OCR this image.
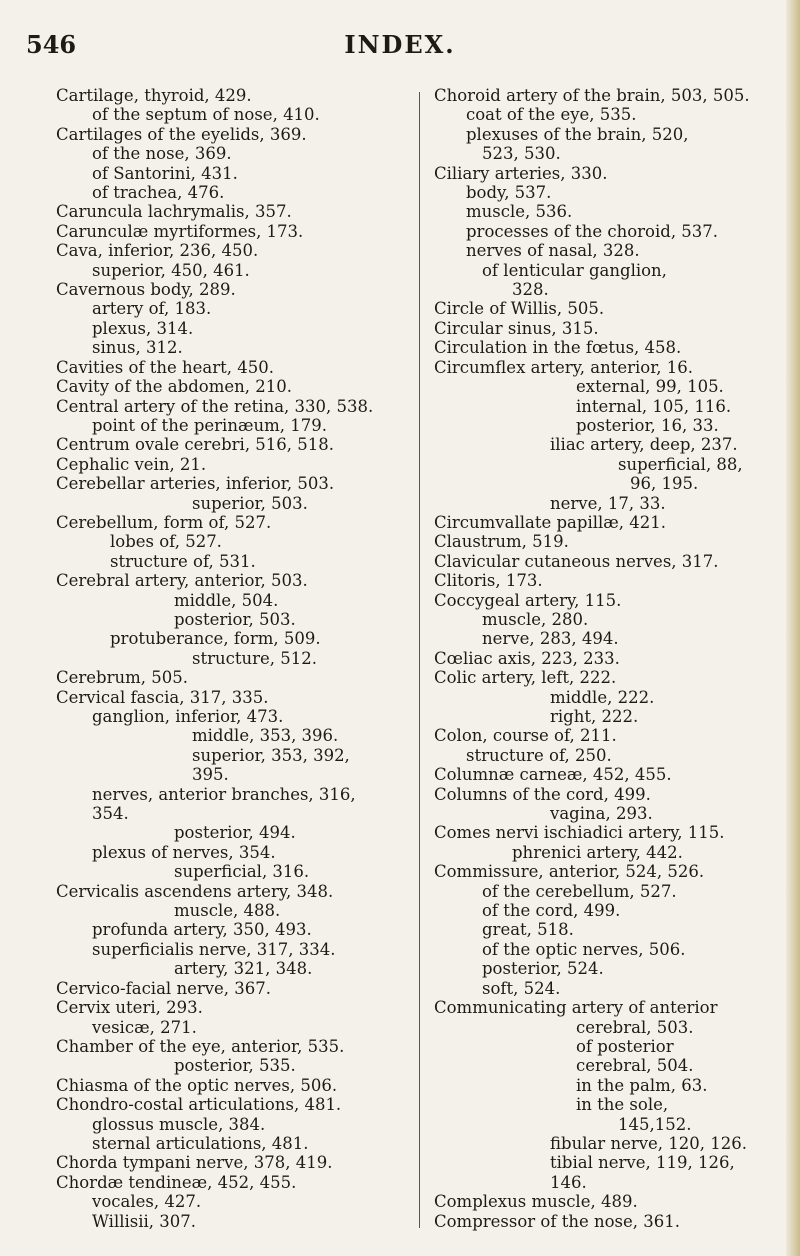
546	INDEX.
Cartilage, thyroid, 429.
of the septum of nose, 410.
Cartilages of the eyelids, 369.
of the nose, 369.
of Santorini, 431.
of trachea, 476.
Caruncula lachrymalis, 357.
Carunculæ myrtiformes, 173.
Cava, inferior, 236, 450.
superior, 450, 461.
Cavernous body, 289.
artery of, 183.
plexus, 314.
sinus, 312.
Cavities of the heart, 450.
Cavity of the abdomen, 210.
Central artery of the retina, 330, 538.
point of the perinæum, 179.
Centrum ovale cerebri, 516, 518.
Cephalic vein, 21.
Cerebellar arteries, inferior, 503.
superior, 503.
Cerebellum, form of, 527.
lobes of, 527.
structure of, 531.
Cerebral artery, anterior, 503.
middle, 504.
posterior, 503.
protuberance, form, 509.
structure, 512.
Cerebrum, 505.
Cervical fascia, 317, 335.
ganglion, inferior, 473.
middle, 353, 396.
superior, 353, 392,
395.
nerves, anterior branches, 316,
354.
posterior, 494.
plexus of nerves, 354.
superficial, 316.
Cervicalis ascendens artery, 348.
muscle, 488.
profunda artery, 350, 493.
superficialis nerve, 317, 334.
artery, 321, 348.
Cervico-facial nerve, 367.
Cervix uteri, 293.
vesicæ, 271.
Chamber of the eye, anterior, 535.
posterior, 535.
Chiasma of the optic nerves, 506.
Chondro-costal articulations, 481.
glossus muscle, 384.
sternal articulations, 481.
Chorda tympani nerve, 378, 419.
Chordæ tendineæ, 452, 455.
vocales, 427.
Willisii, 307.
Choroid artery of the brain, 503, 505.
coat of the eye, 535.
plexuses of the brain, 520,
523, 530.
Ciliary arteries, 330.
body, 537.
muscle, 536.
processes of the choroid, 537.
nerves of nasal, 328.
of lenticular ganglion,
328.
Circle of Willis, 505.
Circular sinus, 315.
Circulation in the fœtus, 458.
Circumflex artery, anterior, 16.
external, 99, 105.
internal, 105, 116.
posterior, 16, 33.
iliac artery, deep, 237.
superficial, 88,
96, 195.
nerve, 17, 33.
Circumvallate papillæ, 421.
Claustrum, 519.
Clavicular cutaneous nerves, 317.
Clitoris, 173.
Coccygeal artery, 115.
muscle, 280.
nerve, 283, 494.
Cœliac axis, 223, 233.
Colic artery, left, 222.
middle, 222.
right, 222.
Colon, course of, 211.
structure of, 250.
Columnæ carneæ, 452, 455.
Columns of the cord, 499.
vagina, 293.
Comes nervi ischiadici artery, 115.
phrenici artery, 442.
Commissure, anterior, 524, 526.
of the cerebellum, 527.
of the cord, 499.
great, 518.
of the optic nerves, 506.
posterior, 524.
soft, 524.
Communicating artery of anterior
cerebral, 503.
of posterior
cerebral, 504.
in the palm, 63.
in the sole,
145,152.
fibular nerve, 120, 126.
tibial nerve, 119, 126,
146.
Complexus muscle, 489.
Compressor of the nose, 361.
